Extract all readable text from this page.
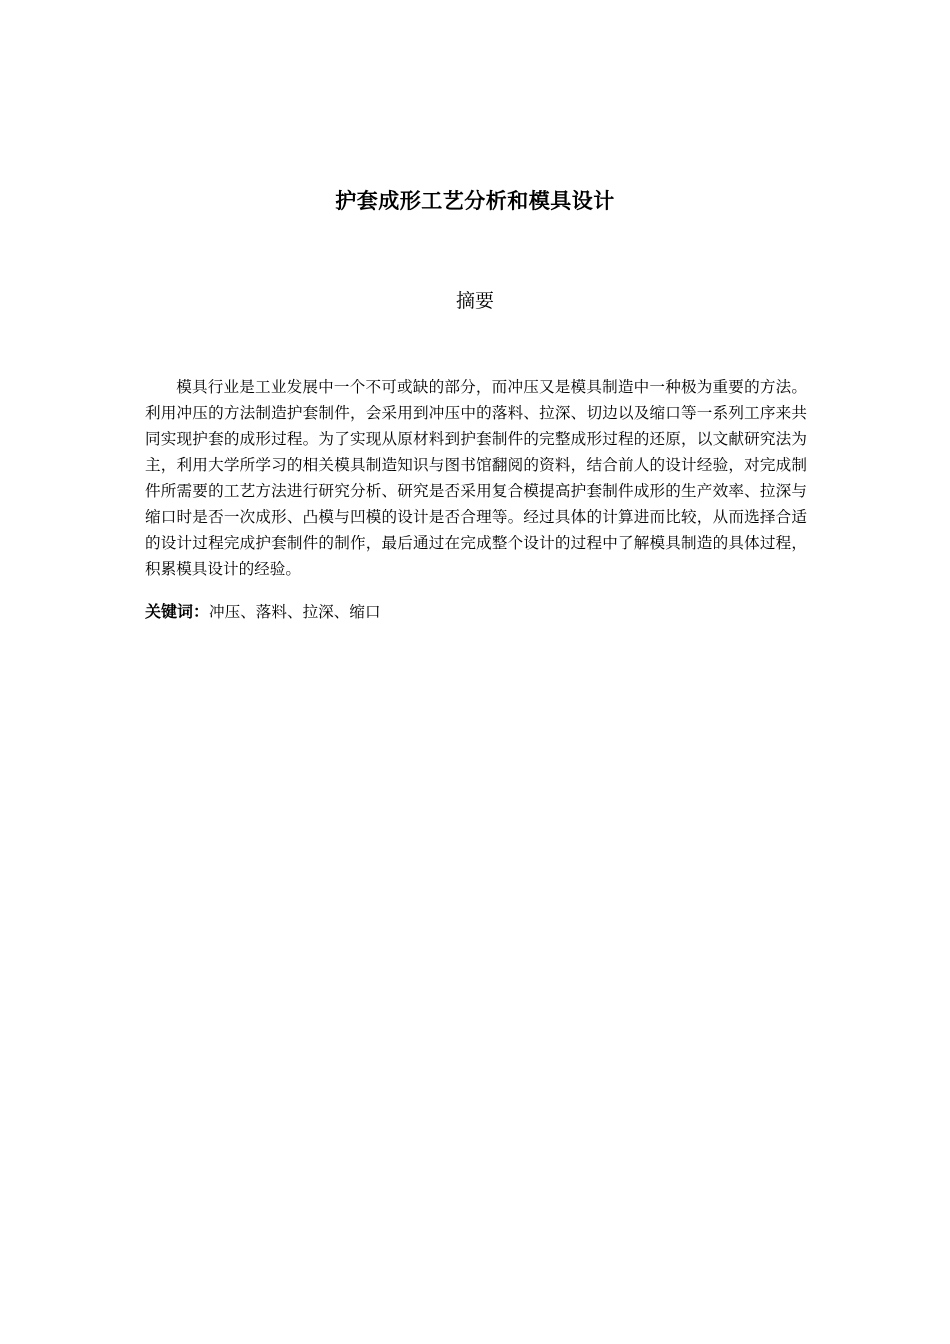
护套成形工艺分析和模具设计
摘要

模具行业是工业发展中一个不可或缺的部分，而冲压又是模具制造中一种极为重要的方法。利用冲压的方法制造护套制件，会采用到冲压中的落料、拉深、切边以及缩口等一系列工序来共同实现护套的成形过程。为了实现从原材料到护套制件的完整成形过程的还原，以文献研究法为主，利用大学所学习的相关模具制造知识与图书馆翻阅的资料，结合前人的设计经验，对完成制件所需要的工艺方法进行研究分析、研究是否采用复合模提高护套制件成形的生产效率、拉深与缩口时是否一次成形、凸模与凹模的设计是否合理等。经过具体的计算进而比较，从而选择合适的设计过程完成护套制件的制作，最后通过在完成整个设计的过程中了解模具制造的具体过程，积累模具设计的经验。

关键词：冲压、落料、拉深、缩口
